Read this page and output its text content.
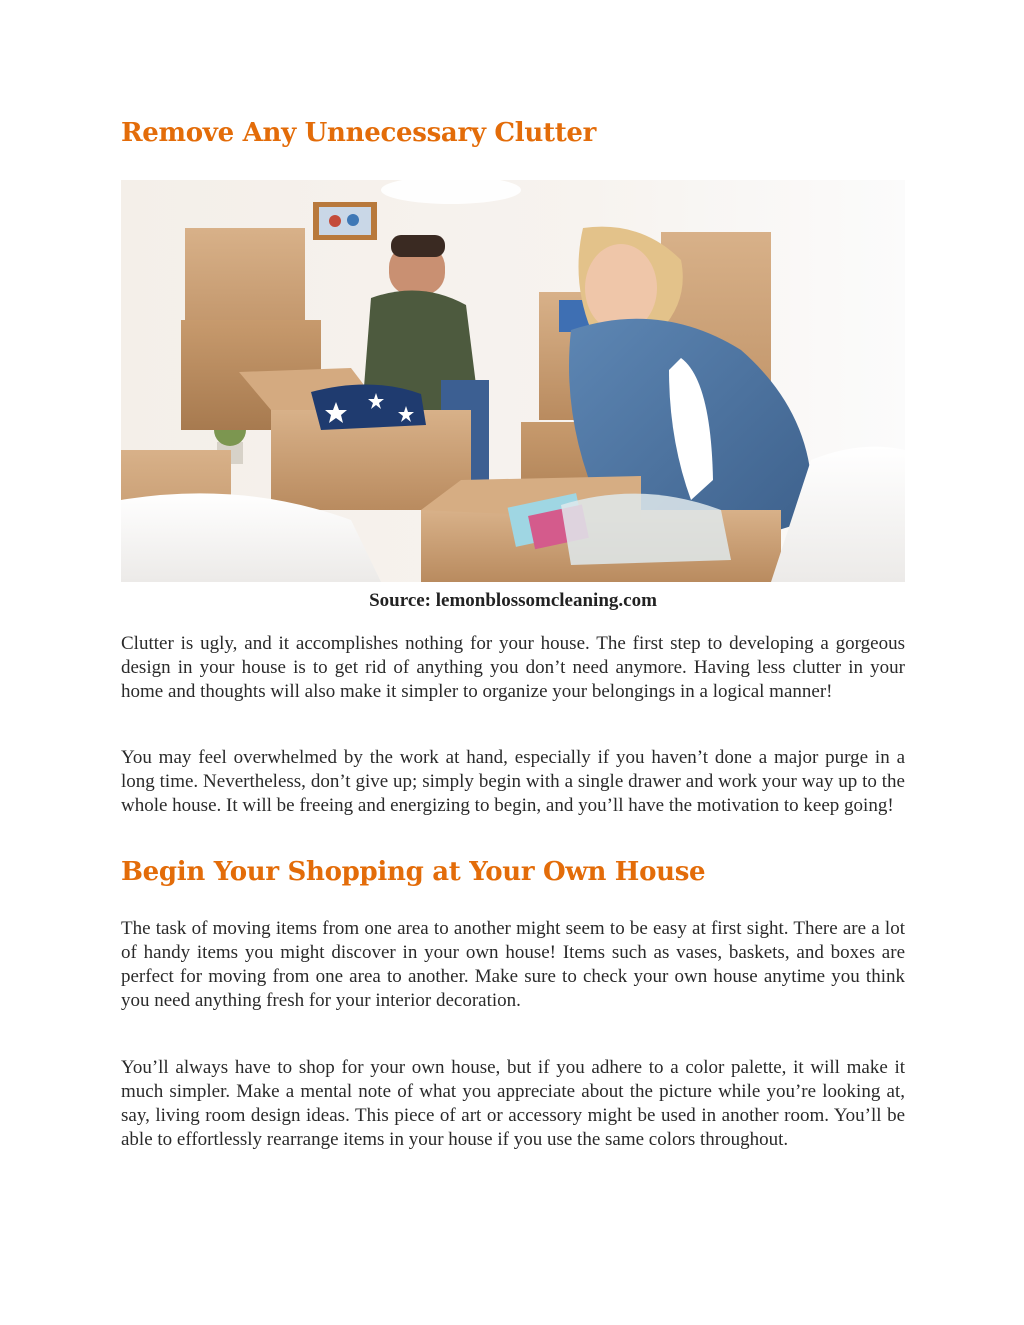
Remove Any Unnecessary Clutter
Source: lemonblossomcleaning.com

Clutter is ugly, and it accomplishes nothing for your house. The first step to developing a gorgeous design in your house is to get rid of anything you don’t need anymore. Having less clutter in your home and thoughts will also make it simpler to organize your belongings in a logical manner!

You may feel overwhelmed by the work at hand, especially if you haven’t done a major purge in a long time. Nevertheless, don’t give up; simply begin with a single drawer and work your way up to the whole house. It will be freeing and energizing to begin, and you’ll have the motivation to keep going!

Begin Your Shopping at Your Own House

The task of moving items from one area to another might seem to be easy at first sight. There are a lot of handy items you might discover in your own house! Items such as vases, baskets, and boxes are perfect for moving from one area to another. Make sure to check your own house anytime you think you need anything fresh for your interior decoration.

You’ll always have to shop for your own house, but if you adhere to a color palette, it will make it much simpler. Make a mental note of what you appreciate about the picture while you’re looking at, say, living room design ideas. This piece of art or accessory might be used in another room. You’ll be able to effortlessly rearrange items in your house if you use the same colors throughout.
